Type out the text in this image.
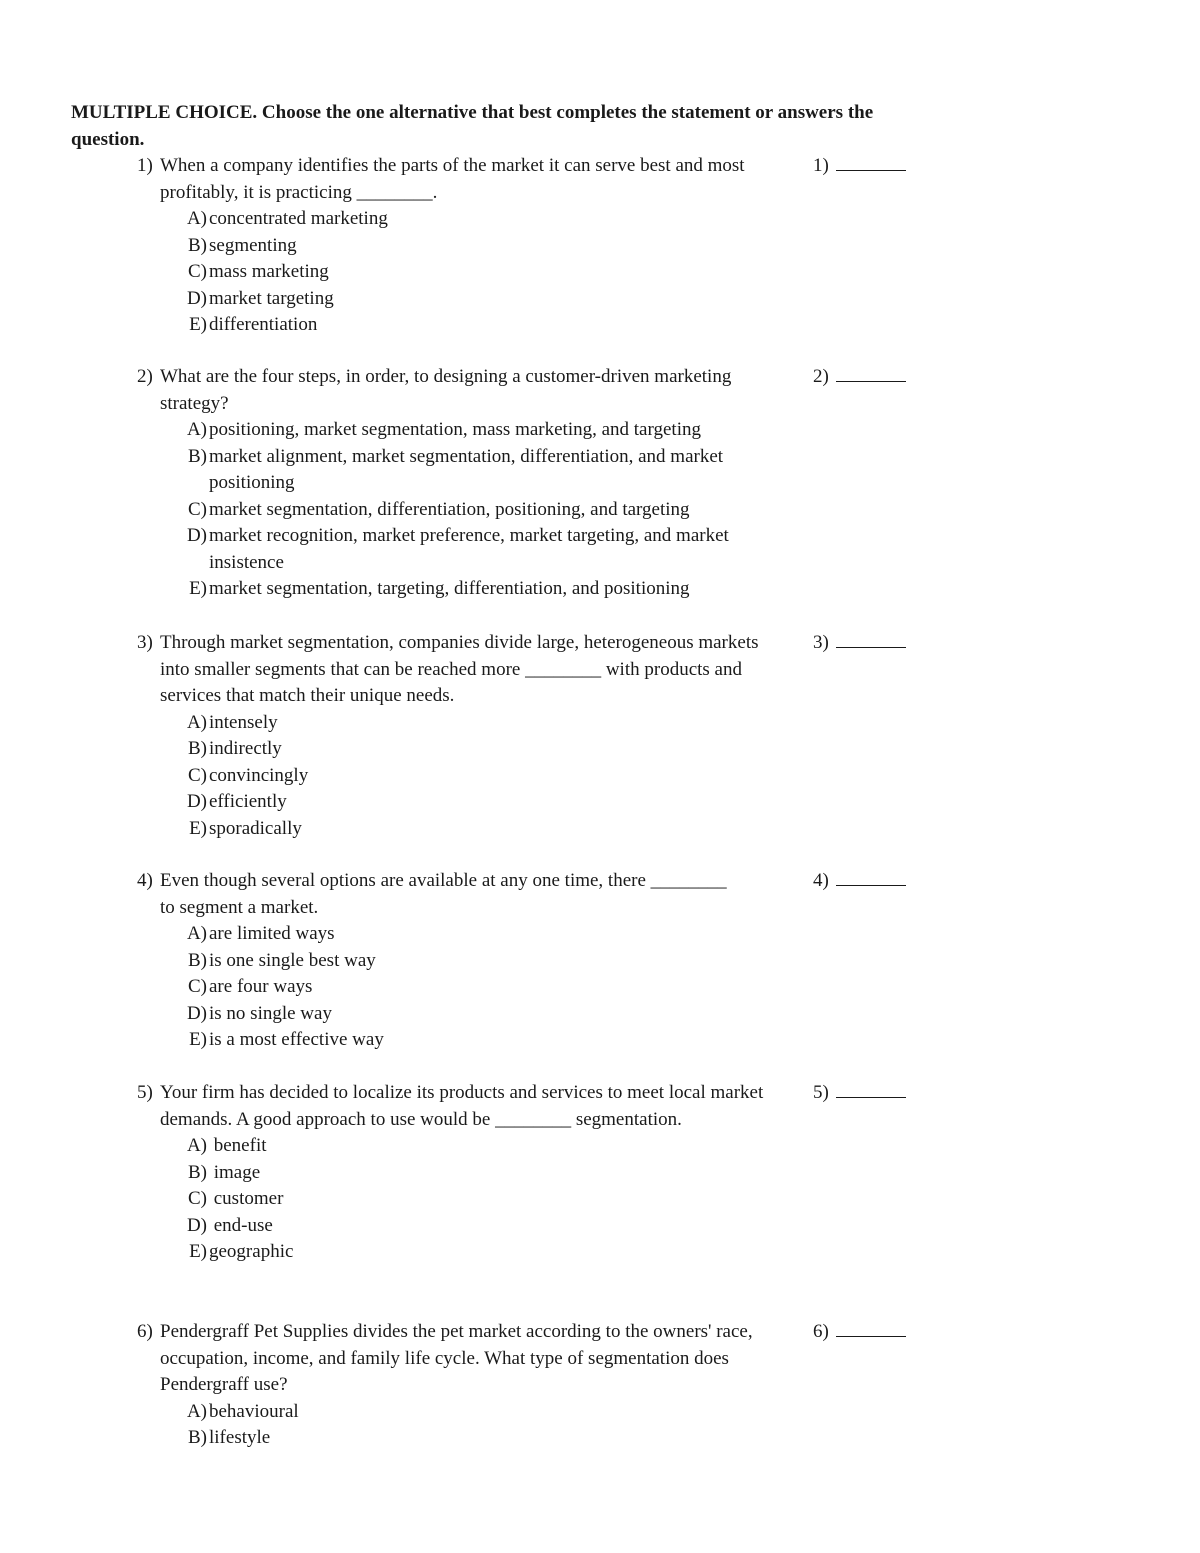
MULTIPLE CHOICE. Choose the one alternative that best completes the statement or answers the question.
1) When a company identifies the parts of the market it can serve best and most profitably, it is practicing ________.
1)
A) concentrated marketing
B) segmenting
C) mass marketing
D) market targeting
E) differentiation
2) What are the four steps, in order, to designing a customer-driven marketing strategy?
2)
A) positioning, market segmentation, mass marketing, and targeting
B) market alignment, market segmentation, differentiation, and market positioning
C) market segmentation, differentiation, positioning, and targeting
D) market recognition, market preference, market targeting, and market insistence
E) market segmentation, targeting, differentiation, and positioning
3) Through market segmentation, companies divide large, heterogeneous markets into smaller segments that can be reached more ________ with products and services that match their unique needs.
3)
A) intensely
B) indirectly
C) convincingly
D) efficiently
E) sporadically
4) Even though several options are available at any one time, there ________ to segment a market.
4)
A) are limited ways
B) is one single best way
C) are four ways
D) is no single way
E) is a most effective way
5) Your firm has decided to localize its products and services to meet local market demands. A good approach to use would be ________ segmentation.
5)
A) benefit
B) image
C) customer
D) end-use
E) geographic
6) Pendergraff Pet Supplies divides the pet market according to the owners' race, occupation, income, and family life cycle. What type of segmentation does Pendergraff use?
6)
A) behavioural
B) lifestyle
